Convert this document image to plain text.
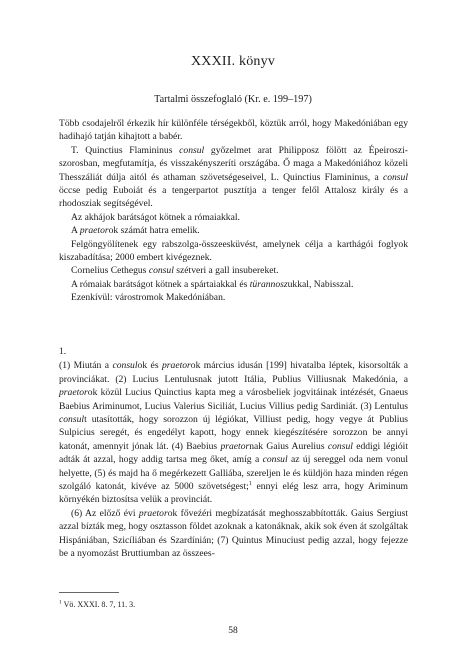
XXXII. könyv
Tartalmi összefoglaló (Kr. e. 199–197)

Több csodajelről érkezik hír különféle térségekből, köztük arról, hogy Makedóniában egy hadihajó tatján kihajtott a babér.

T. Quinctius Flamininus consul győzelmet arat Philipposz fölött az Épeiroszi-szorosban, megfutamítja, és visszakényszeríti országába. Ő maga a Makedóniához közeli Thesszáliát dúlja aitól és athaman szövetségeseivel, L. Quinctius Flamininus, a consul öccse pedig Euboiát és a tengerpartot pusztítja a tenger felől Attalosz király és a rhodosziak segítségével.

Az akhájok barátságot kötnek a rómaiakkal.

A praetorok számát hatra emelik.

Felgöngyölítenek egy rabszolga-összeesküvést, amelynek célja a karthágói foglyok kiszabadítása; 2000 embert kivégeznek.

Cornelius Cethegus consul szétveri a gall insubereket.

A rómaiak barátságot kötnek a spártaiakkal és türannoszukkal, Nabisszal.

Ezenkívül: várostromok Makedóniában.

1.

(1) Miután a consulok és praetorok március idusán [199] hivatalba léptek, kisorsolták a provinciákat. (2) Lucius Lentulusnak jutott Itália, Publius Villiusnak Makedónia, a praetorok közül Lucius Quinctius kapta meg a városbeliek jogvitáinak intézését, Gnaeus Baebius Ariminumot, Lucius Valerius Siciliát, Lucius Villius pedig Sardiniát. (3) Lentulus consult utasították, hogy sorozzon új légiókat, Villiust pedig, hogy vegye át Publius Sulpicius seregét, és engedélyt kapott, hogy ennek kiegészítésére sorozzon be annyi katonát, amennyit jónak lát. (4) Baebius praetornak Gaius Aurelius consul eddigi légióit adták át azzal, hogy addig tartsa meg őket, amíg a consul az új sereggel oda nem vonul helyette, (5) és majd ha ő megérkezett Galliába, szereljen le és küldjön haza minden régen szolgáló katonát, kivéve az 5000 szövetségest;$^1$ ennyi elég lesz arra, hogy Ariminum környékén biztosítsa velük a provinciát.

(6) Az előző évi praetorok főveźéri megbízatását meghosszabbították. Gaius Sergiust azzal bízták meg, hogy osztasson földet azoknak a katonáknak, akik sok éven át szolgáltak Hispániában, Szicíliában és Szardínián; (7) Quintus Minuciust pedig azzal, hogy fejezze be a nyomozást Bruttiumban az összees-

$^1$ Vö. XXXI. 8. 7, 11. 3.
58
